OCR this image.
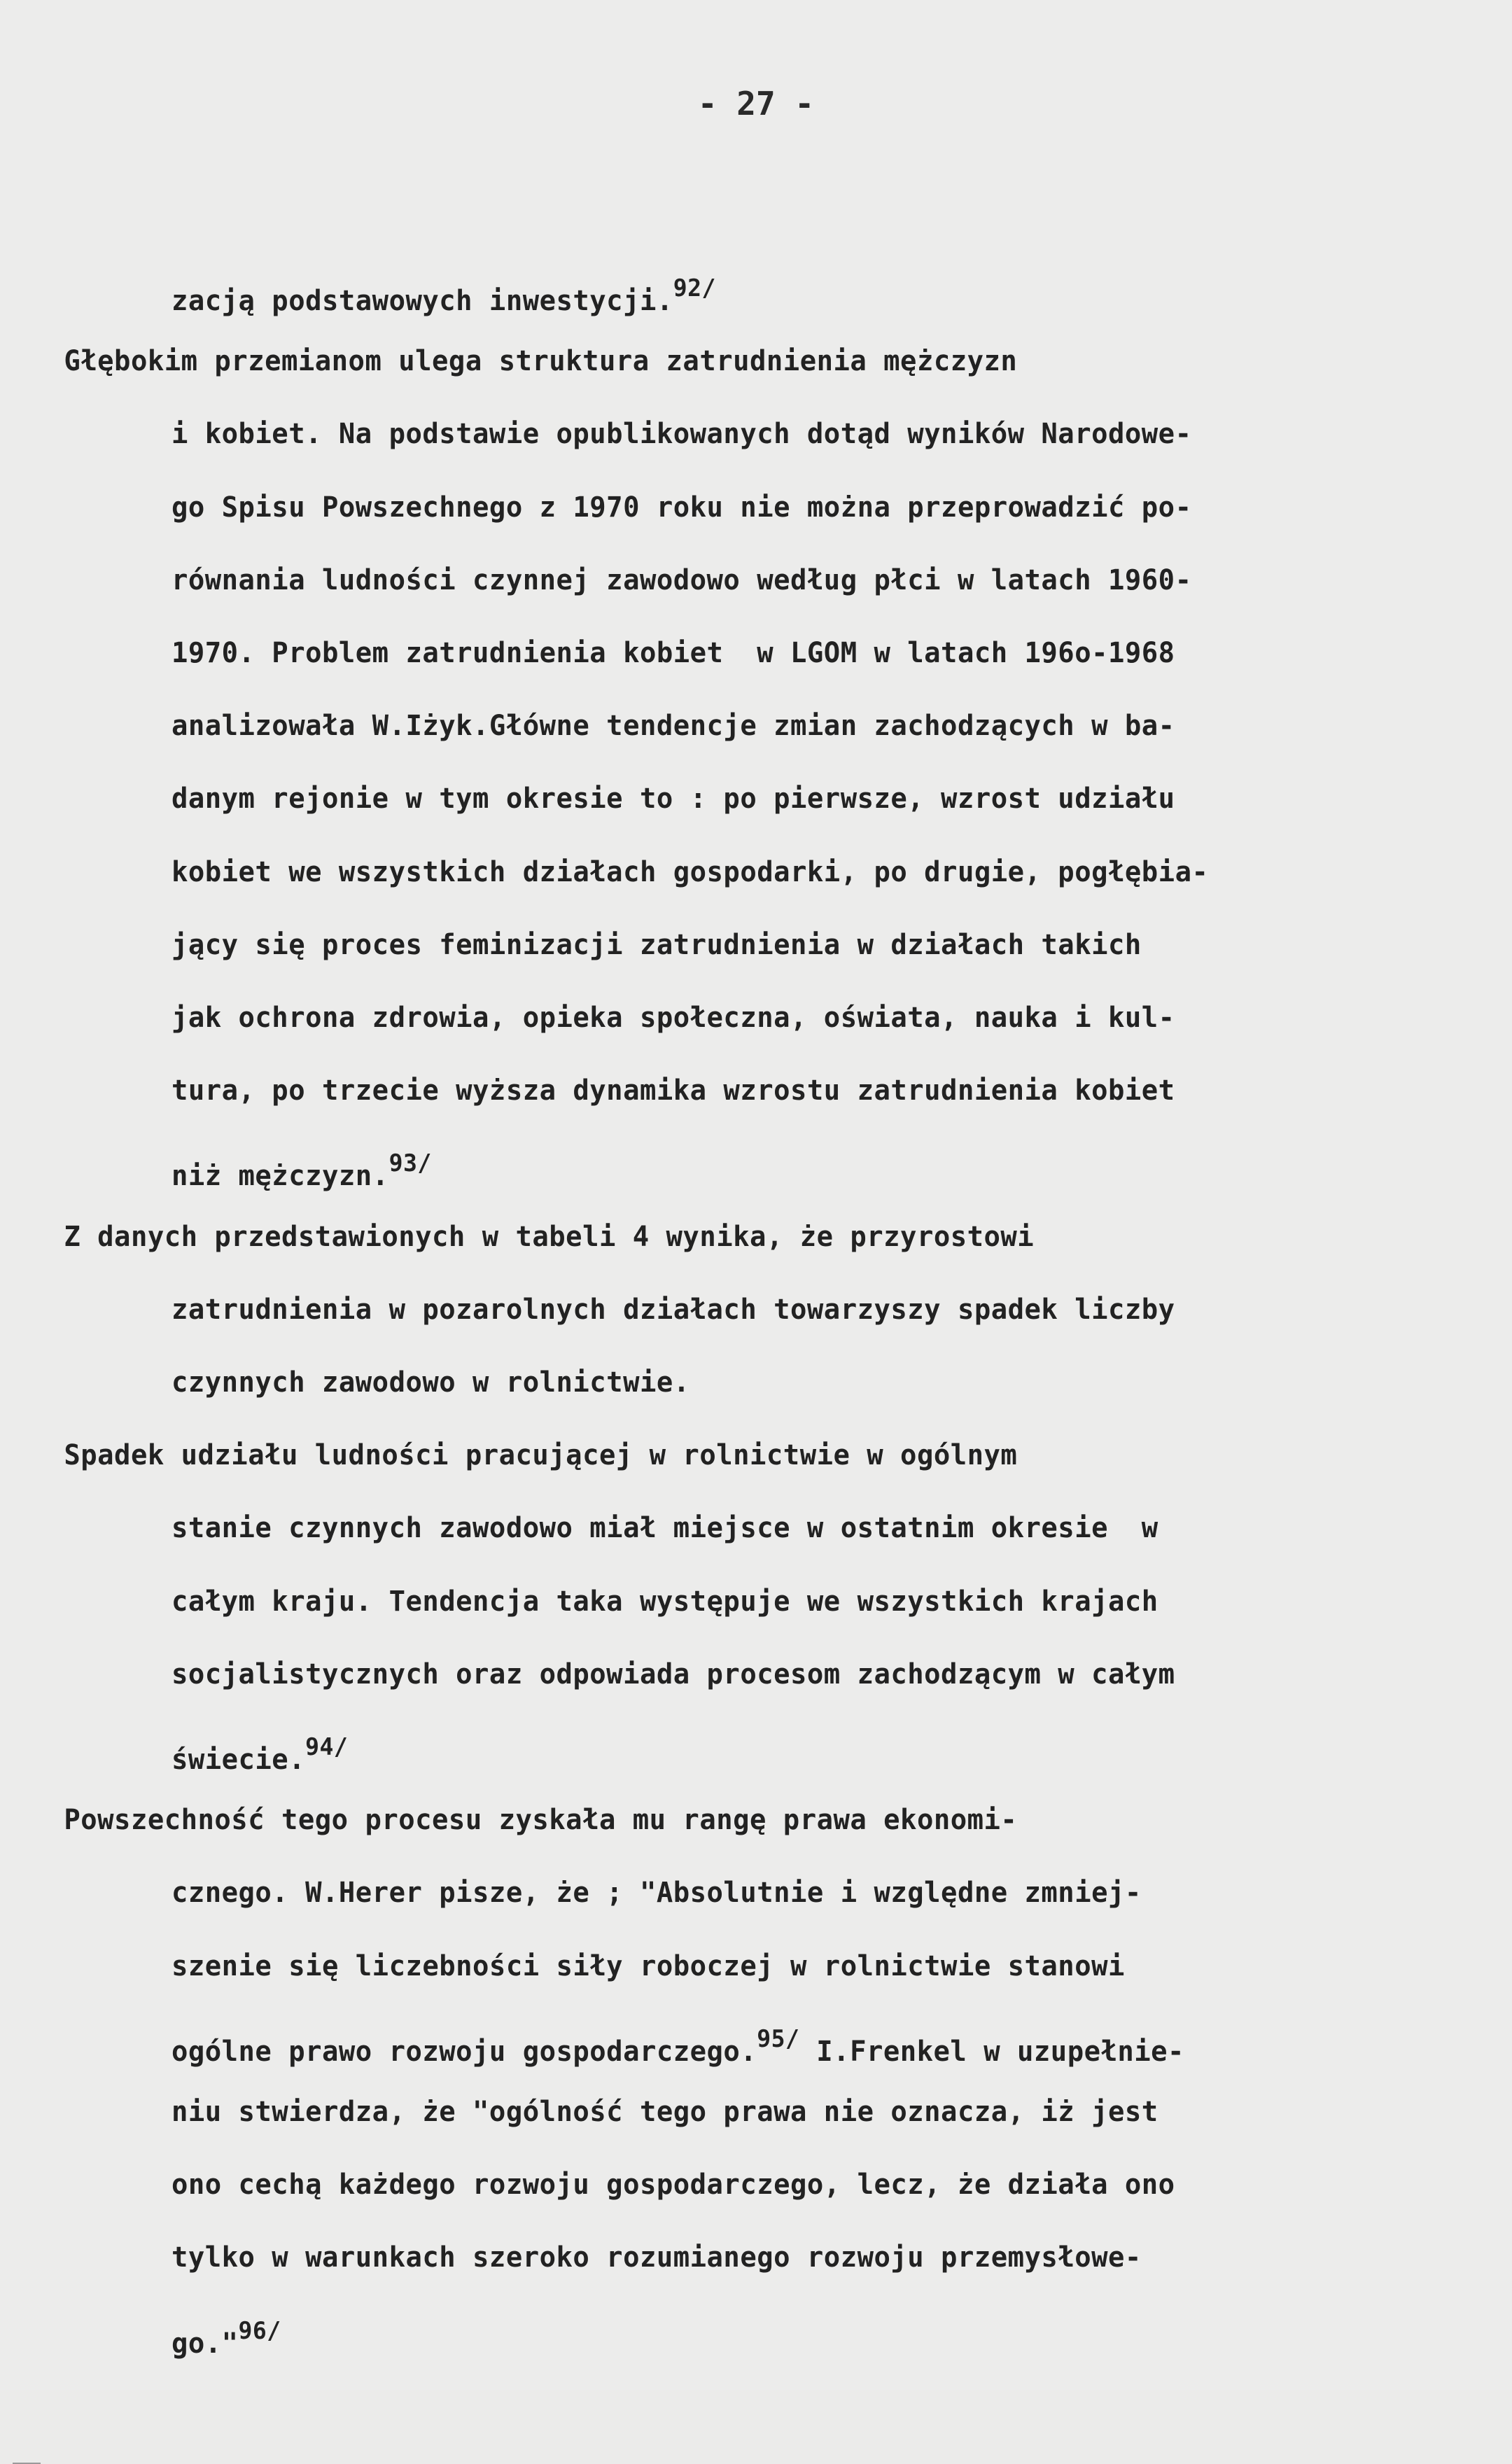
- 27 -
zacją podstawowych inwestycji.$^{92/}$
Głębokim przemianom ulega struktura zatrudnienia mężczyzn
i kobiet. Na podstawie opublikowanych dotąd wyników Narodowe-
go Spisu Powszechnego z 1970 roku nie można przeprowadzić po-
równania ludności czynnej zawodowo według płci w latach 1960-
1970. Problem zatrudnienia kobiet  w LGOM w latach 196o-1968
analizowała W.Iżyk.Główne tendencje zmian zachodzących w ba-
danym rejonie w tym okresie to : po pierwsze, wzrost udziału
kobiet we wszystkich działach gospodarki, po drugie, pogłębia-
jący się proces feminizacji zatrudnienia w działach takich
jak ochrona zdrowia, opieka społeczna, oświata, nauka i kul-
tura, po trzecie wyższa dynamika wzrostu zatrudnienia kobiet
niż mężczyzn.$^{93/}$
Z danych przedstawionych w tabeli 4 wynika, że przyrostowi
zatrudnienia w pozarolnych działach towarzyszy spadek liczby
czynnych zawodowo w rolnictwie.
Spadek udziału ludności pracującej w rolnictwie w ogólnym
stanie czynnych zawodowo miał miejsce w ostatnim okresie  w
całym kraju. Tendencja taka występuje we wszystkich krajach
socjalistycznych oraz odpowiada procesom zachodzącym w całym
świecie.$^{94/}$
Powszechność tego procesu zyskała mu rangę prawa ekonomi-
cznego. W.Herer pisze, że ; "Absolutnie i względne zmniej-
szenie się liczebności siły roboczej w rolnictwie stanowi
ogólne prawo rozwoju gospodarczego.$^{95/}$ I.Frenkel w uzupełnie-
niu stwierdza, że "ogólność tego prawa nie oznacza, iż jest
ono cechą każdego rozwoju gospodarczego, lecz, że działa ono
tylko w warunkach szeroko rozumianego rozwoju przemysłowe-
go."$^{96/}$
